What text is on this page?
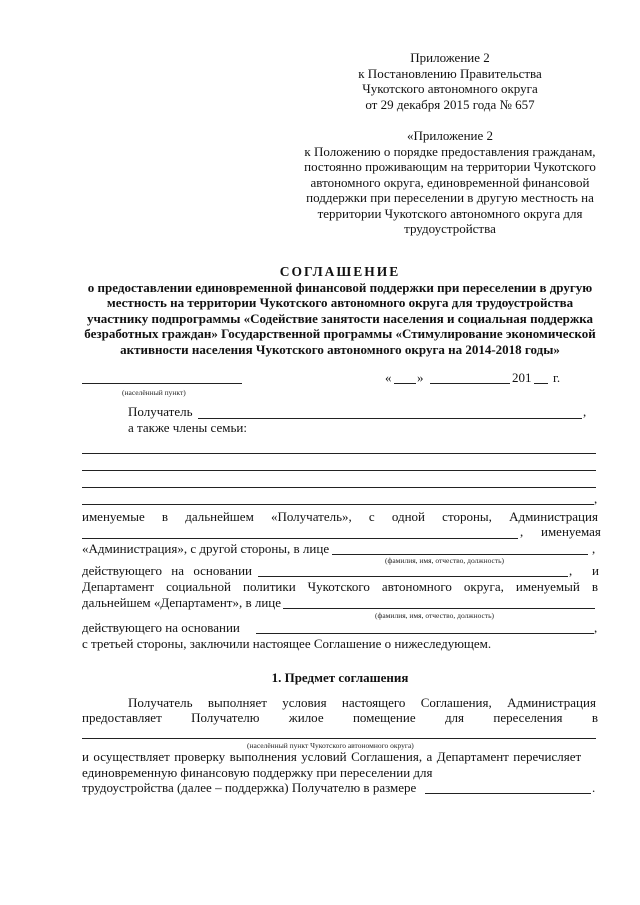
Приложение 2
к Постановлению Правительства
Чукотского автономного округа
от 29 декабря 2015 года № 657
«Приложение 2
к Положению о порядке предоставления гражданам,
постоянно проживающим на территории Чукотского
автономного округа, единовременной финансовой
поддержки при переселении в другую местность на
территории Чукотского автономного округа для
трудоустройства
СОГЛАШЕНИЕ
о предоставлении единовременной финансовой поддержки при переселении в другую
местность на территории Чукотского автономного округа для трудоустройства
участнику подпрограммы «Содействие занятости населения и социальная поддержка
безработных граждан» Государственной программы «Стимулирование экономической
активности населения Чукотского автономного округа на 2014-2018 годы»
(населённый пункт)
« »	201 г.
Получатель	,
а также члены семьи:
,
именуемые в дальнейшем «Получатель», с одной стороны, Администрация
, именуемая
«Администрация», с другой стороны, в лице	,
(фамилия, имя, отчество, должность)
действующего на основании	, и
Департамент социальной политики Чукотского автономного округа, именуемый в
дальнейшем «Департамент», в лице
(фамилия, имя, отчество, должность)
действующего на основании	,
с третьей стороны, заключили настоящее Соглашение о нижеследующем.
1. Предмет соглашения
Получатель выполняет условия настоящего Соглашения, Администрация
предоставляет Получателю жилое помещение для переселения в
(населённый пункт Чукотского автономного округа)
и осуществляет проверку выполнения условий Соглашения, а Департамент перечисляет
единовременную финансовую поддержку при переселении для
трудоустройства (далее – поддержка) Получателю в размере	.
